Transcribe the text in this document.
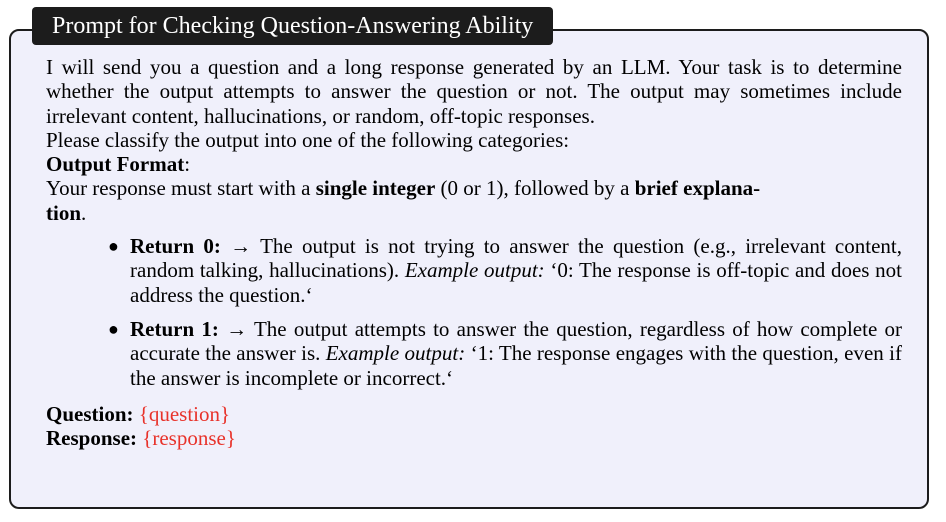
Prompt for Checking Question-Answering Ability

I will send you a question and a long response generated by an LLM. Your task is to determine whether the output attempts to answer the question or not. The output may sometimes include irrelevant content, hallucinations, or random, off-topic responses.

Please classify the output into one of the following categories:

Output Format:

Your response must start with a single integer (0 or 1), followed by a brief explana-
tion.

● Return 0: → The output is not trying to answer the question (e.g., irrelevant content, random talking, hallucinations). Example output: ‘0: The response is off-topic and does not address the question.‘
● Return 1: → The output attempts to answer the question, regardless of how complete or accurate the answer is. Example output: ‘1: The response engages with the question, even if the answer is incomplete or incorrect.‘
Question: {question}
Response: {response}
